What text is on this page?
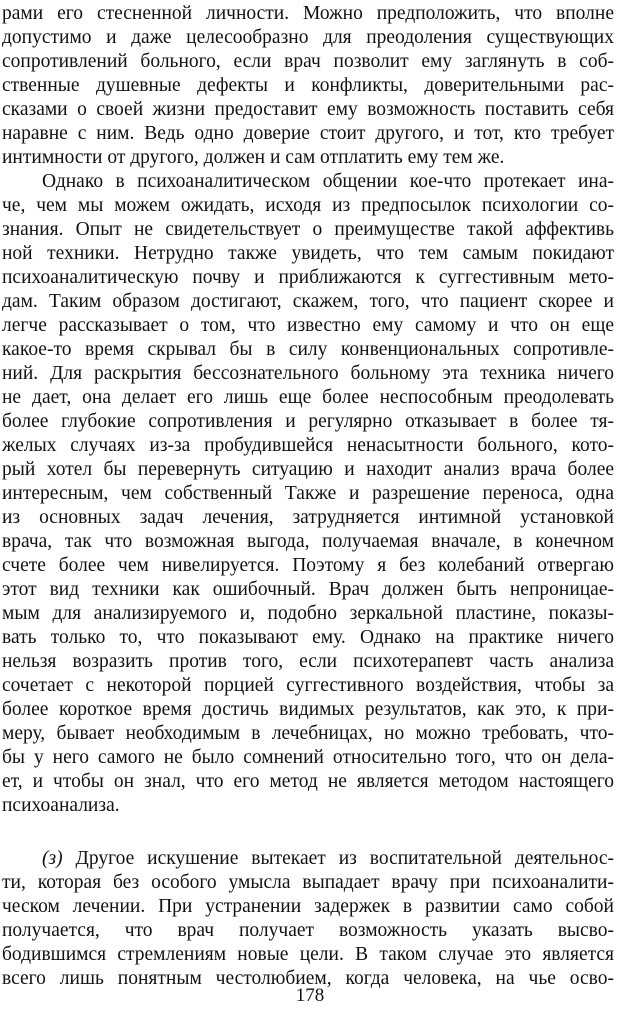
рами его стесненной личности. Можно предположить, что вполне
допустимо и даже целесообразно для преодоления существующих
сопротивлений больного, если врач позволит ему заглянуть в соб-
ственные душевные дефекты и конфликты, доверительными рас-
сказами о своей жизни предоставит ему возможность поставить себя
наравне с ним. Ведь одно доверие стоит другого, и тот, кто требует
интимности от другого, должен и сам отплатить ему тем же.
Однако в психоаналитическом общении кое-что протекает ина-
че, чем мы можем ожидать, исходя из предпосылок психологии со-
знания. Опыт не свидетельствует о преимуществе такой аффективь
ной техники. Нетрудно также увидеть, что тем самым покидают
психоаналитическую почву и приближаются к суггестивным мето-
дам. Таким образом достигают, скажем, того, что пациент скорее и
легче рассказывает о том, что известно ему самому и что он еще
какое-то время скрывал бы в силу конвенциональных сопротивле-
ний. Для раскрытия бессознательного больному эта техника ничего
не дает, она делает его лишь еще более неспособным преодолевать
более глубокие сопротивления и регулярно отказывает в более тя-
желых случаях из-за пробудившейся ненасытности больного, кото-
рый хотел бы перевернуть ситуацию и находит анализ врача более
интересным, чем собственный Также и разрешение переноса, одна
из основных задач лечения, затрудняется интимной установкой
врача, так что возможная выгода, получаемая вначале, в конечном
счете более чем нивелируется. Поэтому я без колебаний отвергаю
этот вид техники как ошибочный. Врач должен быть непроницае-
мым для анализируемого и, подобно зеркальной пластине, показы-
вать только то, что показывают ему. Однако на практике ничего
нельзя возразить против того, если психотерапевт часть анализа
сочетает с некоторой порцией суггестивного воздействия, чтобы за
более короткое время достичь видимых результатов, как это, к при-
меру, бывает необходимым в лечебницах, но можно требовать, что-
бы у него самого не было сомнений относительно того, что он дела-
ет, и чтобы он знал, что его метод не является методом настоящего
психоанализа.
(з) Другое искушение вытекает из воспитательной деятельнос-
ти, которая без особого умысла выпадает врачу при психоаналити-
ческом лечении. При устранении задержек в развитии само собой
получается, что врач получает возможность указать высво-
бодившимся стремлениям новые цели. В таком случае это является
всего лишь понятным честолюбием, когда человека, на чье осво-
178
